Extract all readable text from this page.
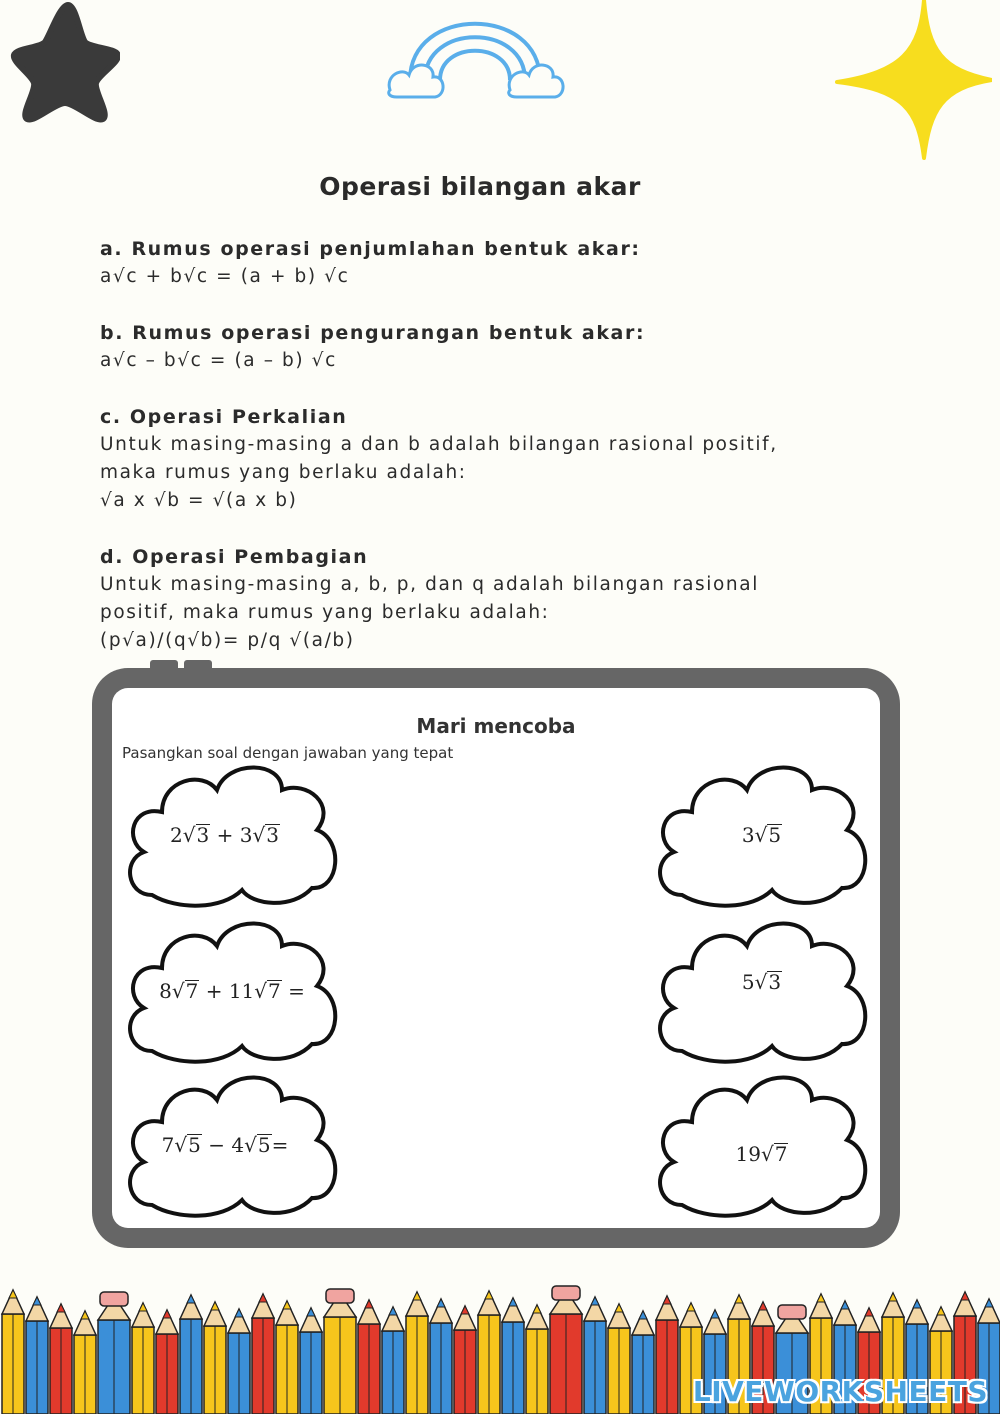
Operasi bilangan akar
a. Rumus operasi penjumlahan bentuk akar:

a√c + b√c = (a + b) √c

b. Rumus operasi pengurangan bentuk akar:

a√c – b√c = (a – b) √c

c. Operasi Perkalian

Untuk masing-masing a dan b adalah bilangan rasional positif,

maka rumus yang berlaku adalah:

√a x √b = √(a x b)

d. Operasi Pembagian

Untuk masing-masing a, b, p, dan q adalah bilangan rasional

positif, maka rumus yang berlaku adalah:

(p√a)/(q√b)= p/q √(a/b)

Mari mencoba
Pasangkan soal dengan jawaban yang tepat
2√3 + 3√3
8√7 + 11√7 =
7√5 − 4√5=
3√5
5√3
19√7
LIVEWORKSHEETS
